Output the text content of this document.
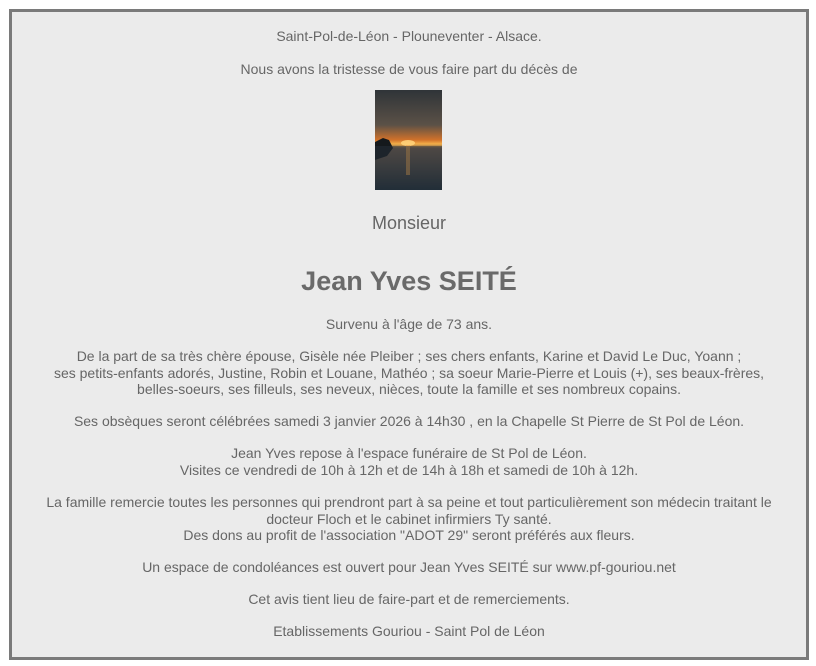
Saint-Pol-de-Léon - Plouneventer - Alsace.
Nous avons la tristesse de vous faire part du décès de
Monsieur
Jean Yves SEITÉ
Survenu à l'âge de 73 ans.
De la part de sa très chère épouse, Gisèle née Pleiber ; ses chers enfants, Karine et David Le Duc, Yoann ;
ses petits-enfants adorés, Justine, Robin et Louane, Mathéo ; sa soeur Marie-Pierre et Louis (+), ses beaux-frères,
belles-soeurs, ses filleuls, ses neveux, nièces, toute la famille et ses nombreux copains.
Ses obsèques seront célébrées samedi 3 janvier 2026 à 14h30 , en la Chapelle St Pierre de St Pol de Léon.
Jean Yves repose à l'espace funéraire de St Pol de Léon.
Visites ce vendredi de 10h à 12h et de 14h à 18h et samedi de 10h à 12h.
La famille remercie toutes les personnes qui prendront part à sa peine et tout particulièrement son médecin traitant le
docteur Floch et le cabinet infirmiers Ty santé.
Des dons au profit de l'association "ADOT 29" seront préférés aux fleurs.
Un espace de condoléances est ouvert pour Jean Yves SEITÉ sur www.pf-gouriou.net
Cet avis tient lieu de faire-part et de remerciements.
Etablissements Gouriou - Saint Pol de Léon
